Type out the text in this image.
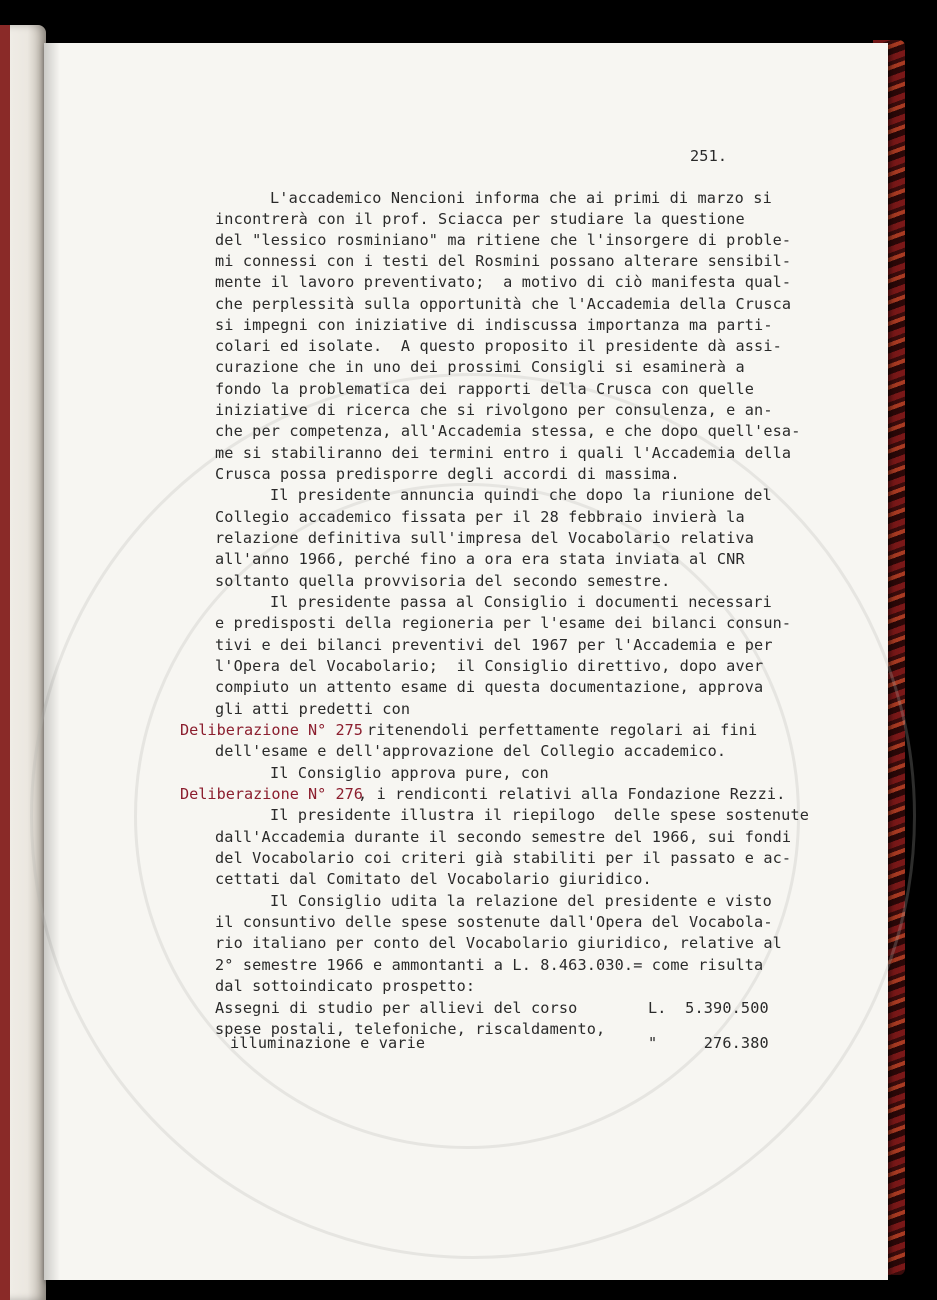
251.
L'accademico Nencioni informa che ai primi di marzo si
incontrerà con il prof. Sciacca per studiare la questione
del "lessico rosminiano" ma ritiene che l'insorgere di proble-
mi connessi con i testi del Rosmini possano alterare sensibil-
mente il lavoro preventivato;  a motivo di ciò manifesta qual-
che perplessità sulla opportunità che l'Accademia della Crusca
si impegni con iniziative di indiscussa importanza ma parti-
colari ed isolate.  A questo proposito il presidente dà assi-
curazione che in uno dei prossimi Consigli si esaminerà a
fondo la problematica dei rapporti della Crusca con quelle
iniziative di ricerca che si rivolgono per consulenza, e an-
che per competenza, all'Accademia stessa, e che dopo quell'esa-
me si stabiliranno dei termini entro i quali l'Accademia della
Crusca possa predisporre degli accordi di massima.
Il presidente annuncia quindi che dopo la riunione del
Collegio accademico fissata per il 28 febbraio invierà la
relazione definitiva sull'impresa del Vocabolario relativa
all'anno 1966, perché fino a ora era stata inviata al CNR
soltanto quella provvisoria del secondo semestre.
Il presidente passa al Consiglio i documenti necessari
e predisposti della regioneria per l'esame dei bilanci consun-
tivi e dei bilanci preventivi del 1967 per l'Accademia e per
l'Opera del Vocabolario;  il Consiglio direttivo, dopo aver
compiuto un attento esame di questa documentazione, approva
gli atti predetti con
Deliberazione N° 275 ritenendoli perfettamente regolari ai fini
dell'esame e dell'approvazione del Collegio accademico.
Il Consiglio approva pure, con
Deliberazione N° 276
, i rendiconti relativi alla Fondazione Rezzi.
Il presidente illustra il riepilogo  delle spese sostenute
dall'Accademia durante il secondo semestre del 1966, sui fondi
del Vocabolario coi criteri già stabiliti per il passato e ac-
cettati dal Comitato del Vocabolario giuridico.
Il Consiglio udita la relazione del presidente e visto
il consuntivo delle spese sostenute dall'Opera del Vocabola-
rio italiano per conto del Vocabolario giuridico, relative al
2° semestre 1966 e ammontanti a L. 8.463.030.= come risulta
dal sottoindicato prospetto:
Assegni di studio per allievi del corso	L.  5.390.500
spese postali, telefoniche, riscaldamento,
illuminazione e varie	"     276.380
